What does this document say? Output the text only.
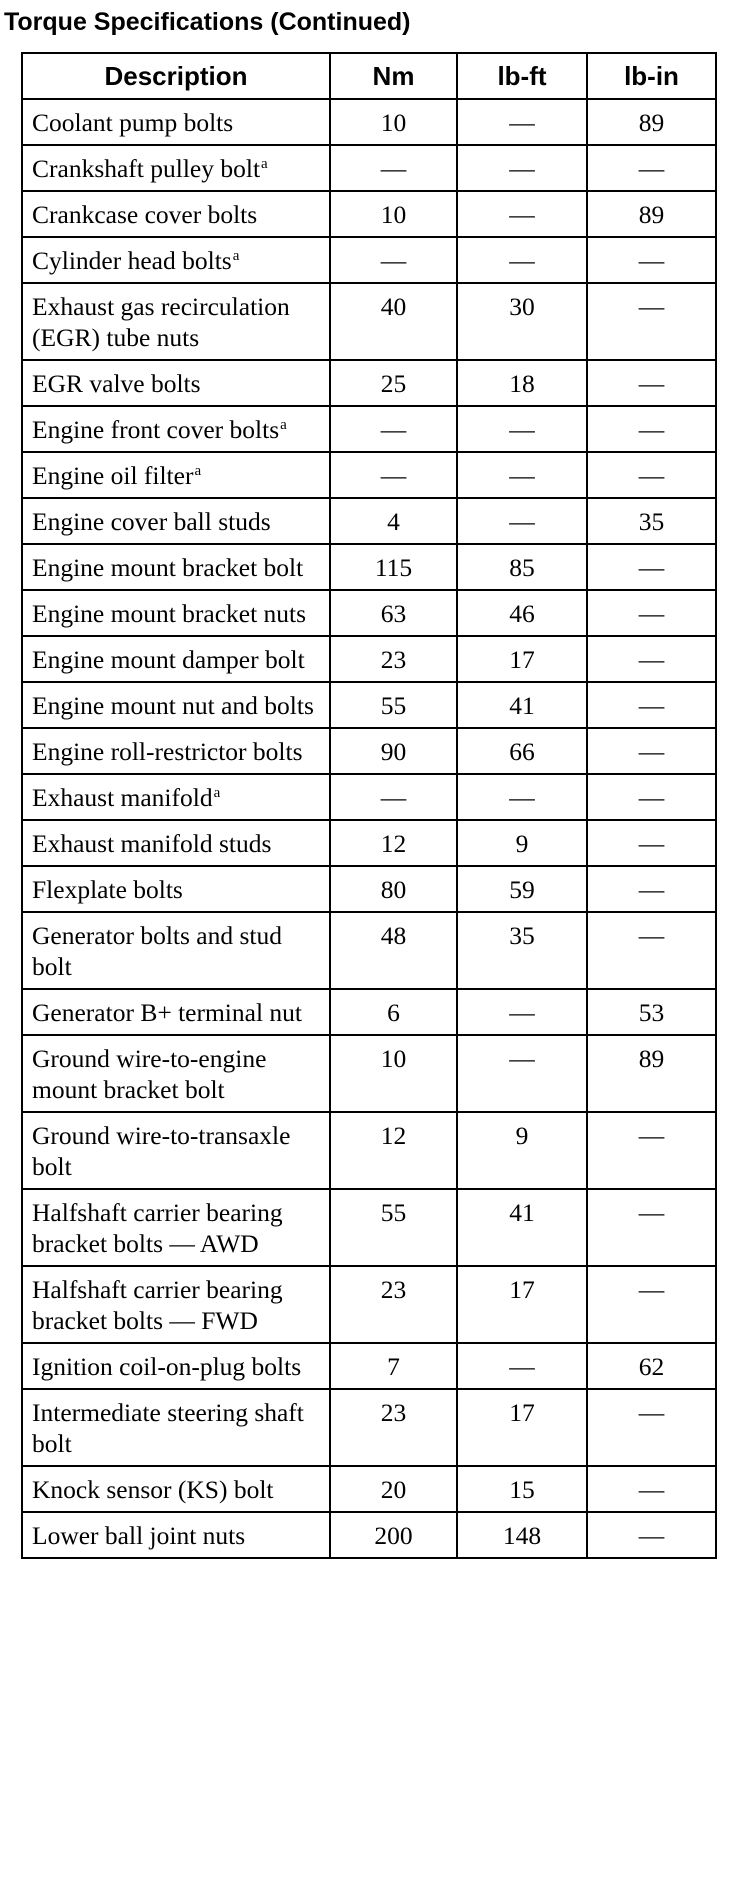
Torque Specifications (Continued)
Description	Nm	lb-ft	lb-in
Coolant pump bolts	10	—	89
Crankshaft pulley bolt$^a$	—	—	—
Crankcase cover bolts	10	—	89
Cylinder head bolts$^a$	—	—	—
Exhaust gas recirculation (EGR) tube nuts	40	30	—
EGR valve bolts	25	18	—
Engine front cover bolts$^a$	—	—	—
Engine oil filter$^a$	—	—	—
Engine cover ball studs	4	—	35
Engine mount bracket bolt	115	85	—
Engine mount bracket nuts	63	46	—
Engine mount damper bolt	23	17	—
Engine mount nut and bolts	55	41	—
Engine roll-restrictor bolts	90	66	—
Exhaust manifold$^a$	—	—	—
Exhaust manifold studs	12	9	—
Flexplate bolts	80	59	—
Generator bolts and stud bolt	48	35	—
Generator B+ terminal nut	6	—	53
Ground wire-to-engine mount bracket bolt	10	—	89
Ground wire-to-transaxle bolt	12	9	—
Halfshaft carrier bearing bracket bolts — AWD	55	41	—
Halfshaft carrier bearing bracket bolts — FWD	23	17	—
Ignition coil-on-plug bolts	7	—	62
Intermediate steering shaft bolt	23	17	—
Knock sensor (KS) bolt	20	15	—
Lower ball joint nuts	200	148	—
